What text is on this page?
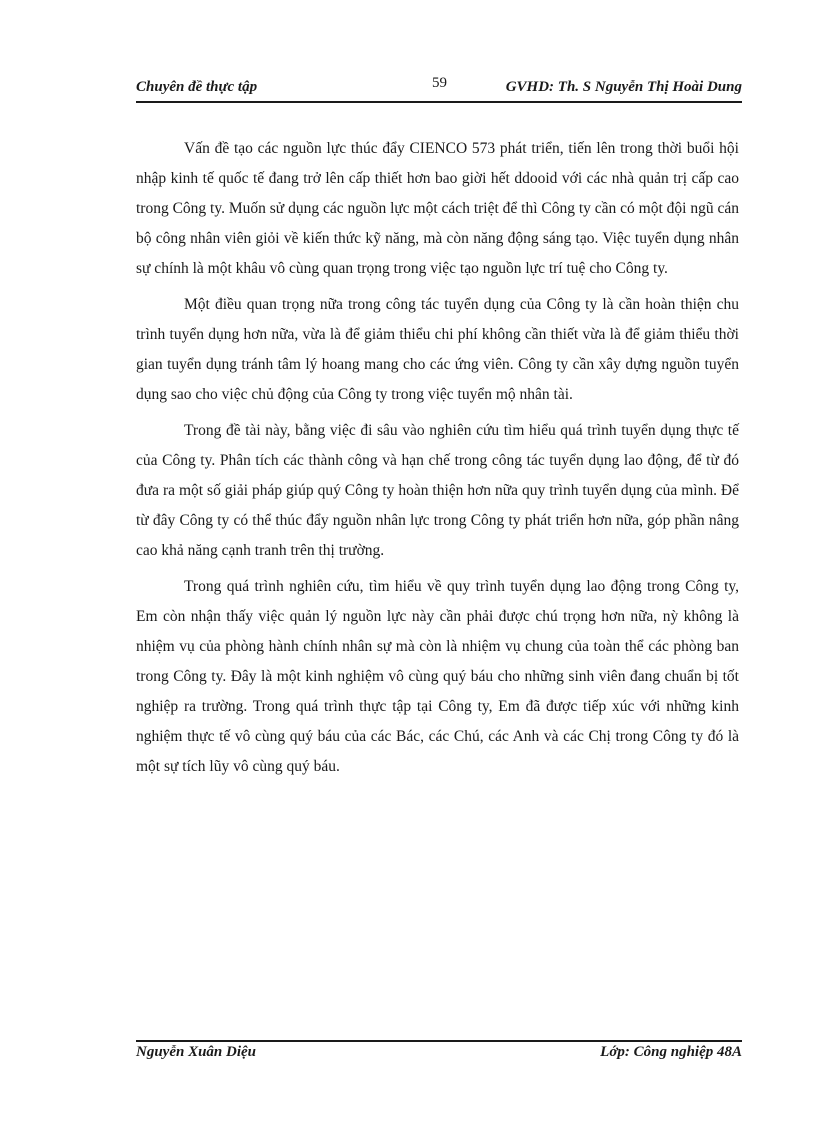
Chuyên đề thực tập	59	GVHD: Th. S Nguyễn Thị Hoài Dung

Vấn đề tạo các nguồn lực thúc đẩy CIENCO 573 phát triển, tiến lên trong thời buổi hội nhập kinh tế quốc tế đang trở lên cấp thiết hơn bao giời hết ddooid với các nhà quản trị cấp cao trong Công ty. Muốn sử dụng các nguồn lực một cách triệt để thì Công ty cần có một đội ngũ cán bộ công nhân viên giỏi về kiến thức kỹ năng, mà còn năng động sáng tạo. Việc tuyển dụng nhân sự chính là một khâu vô cùng quan trọng trong việc tạo nguồn lực trí tuệ cho Công ty.

Một điều quan trọng nữa trong công tác tuyển dụng của Công ty là cần hoàn thiện chu trình tuyển dụng hơn nữa, vừa là để giảm thiểu chi phí không cần thiết vừa là để giảm thiểu thời gian tuyển dụng tránh tâm lý hoang mang cho các ứng viên. Công ty cần xây dựng nguồn tuyển dụng sao cho việc chủ động của Công ty trong việc tuyển mộ nhân tài.

Trong đề tài này, bằng việc đi sâu vào nghiên cứu tìm hiểu quá trình tuyển dụng thực tế của Công ty. Phân tích các thành công và hạn chế trong công tác tuyển dụng lao động, để từ đó đưa ra một số giải pháp giúp quý Công ty hoàn thiện hơn nữa quy trình tuyển dụng của mình. Để từ đây Công ty có thể thúc đẩy nguồn nhân lực trong Công ty phát triển hơn nữa, góp phần nâng cao khả năng cạnh tranh trên thị trường.

Trong quá trình nghiên cứu, tìm hiểu về quy trình tuyển dụng lao động trong Công ty, Em còn nhận thấy việc quản lý nguồn lực này cần phải được chú trọng hơn nữa, nỳ không là nhiệm vụ của phòng hành chính nhân sự mà còn là nhiệm vụ chung của toàn thể các phòng ban trong Công ty. Đây là một kinh nghiệm vô cùng quý báu cho những sinh viên đang chuẩn bị tốt nghiệp ra trường. Trong quá trình thực tập tại Công ty, Em đã được tiếp xúc với những kinh nghiệm thực tế vô cùng quý báu của các Bác, các Chú, các Anh và các Chị trong Công ty đó là một sự tích lũy vô cùng quý báu.

Nguyễn Xuân Diệu	Lớp: Công nghiệp 48A
